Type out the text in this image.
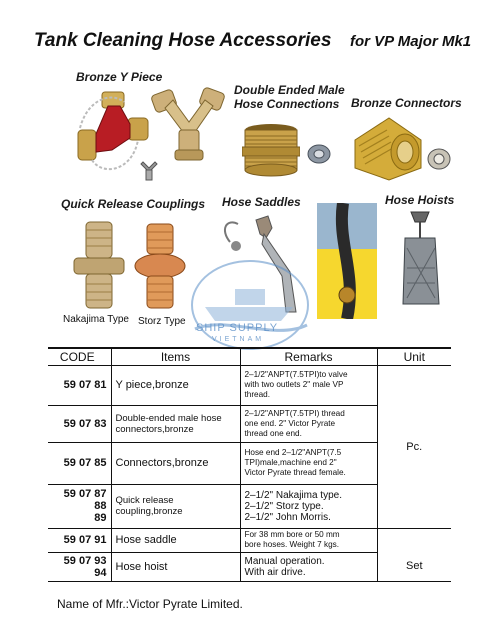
Tank Cleaning Hose Accessories for VP Major Mk1
Bronze Y Piece
Double Ended Male
Hose Connections Bronze Connectors
Quick Release Couplings Hose Saddles	Hose Hoists
Nakajima Type Storz Type
SHIP SUPPLY
VIETNAM
CODE	Items	Remarks	Unit

59 07 81	Y piece,bronze	2–1/2"ANPT(7.5TPI)to valve
with two outlets 2" male VP
thread.	Pc.

59 07 83	Double-ended male hose connectors,bronze	2–1/2"ANPT(7.5TPI) thread
one end. 2" Victor Pyrate
thread one end.	

59 07 85	Connectors,bronze	Hose end 2–1/2"ANPT(7.5
TPI)male,machine end 2"
Victor Pyrate thread female.	

59 07 87
88
89	Quick release coupling,bronze	2–1/2" Nakajima type.
2–1/2" Storz type.
2–1/2" John Morris.	

59 07 91	Hose saddle	For 38 mm bore or 50 mm
bore hoses. Weight 7 kgs.	

59 07 93
94	Hose hoist	Manual operation.
With air drive.	Set
Name of Mfr.:Victor Pyrate Limited.
